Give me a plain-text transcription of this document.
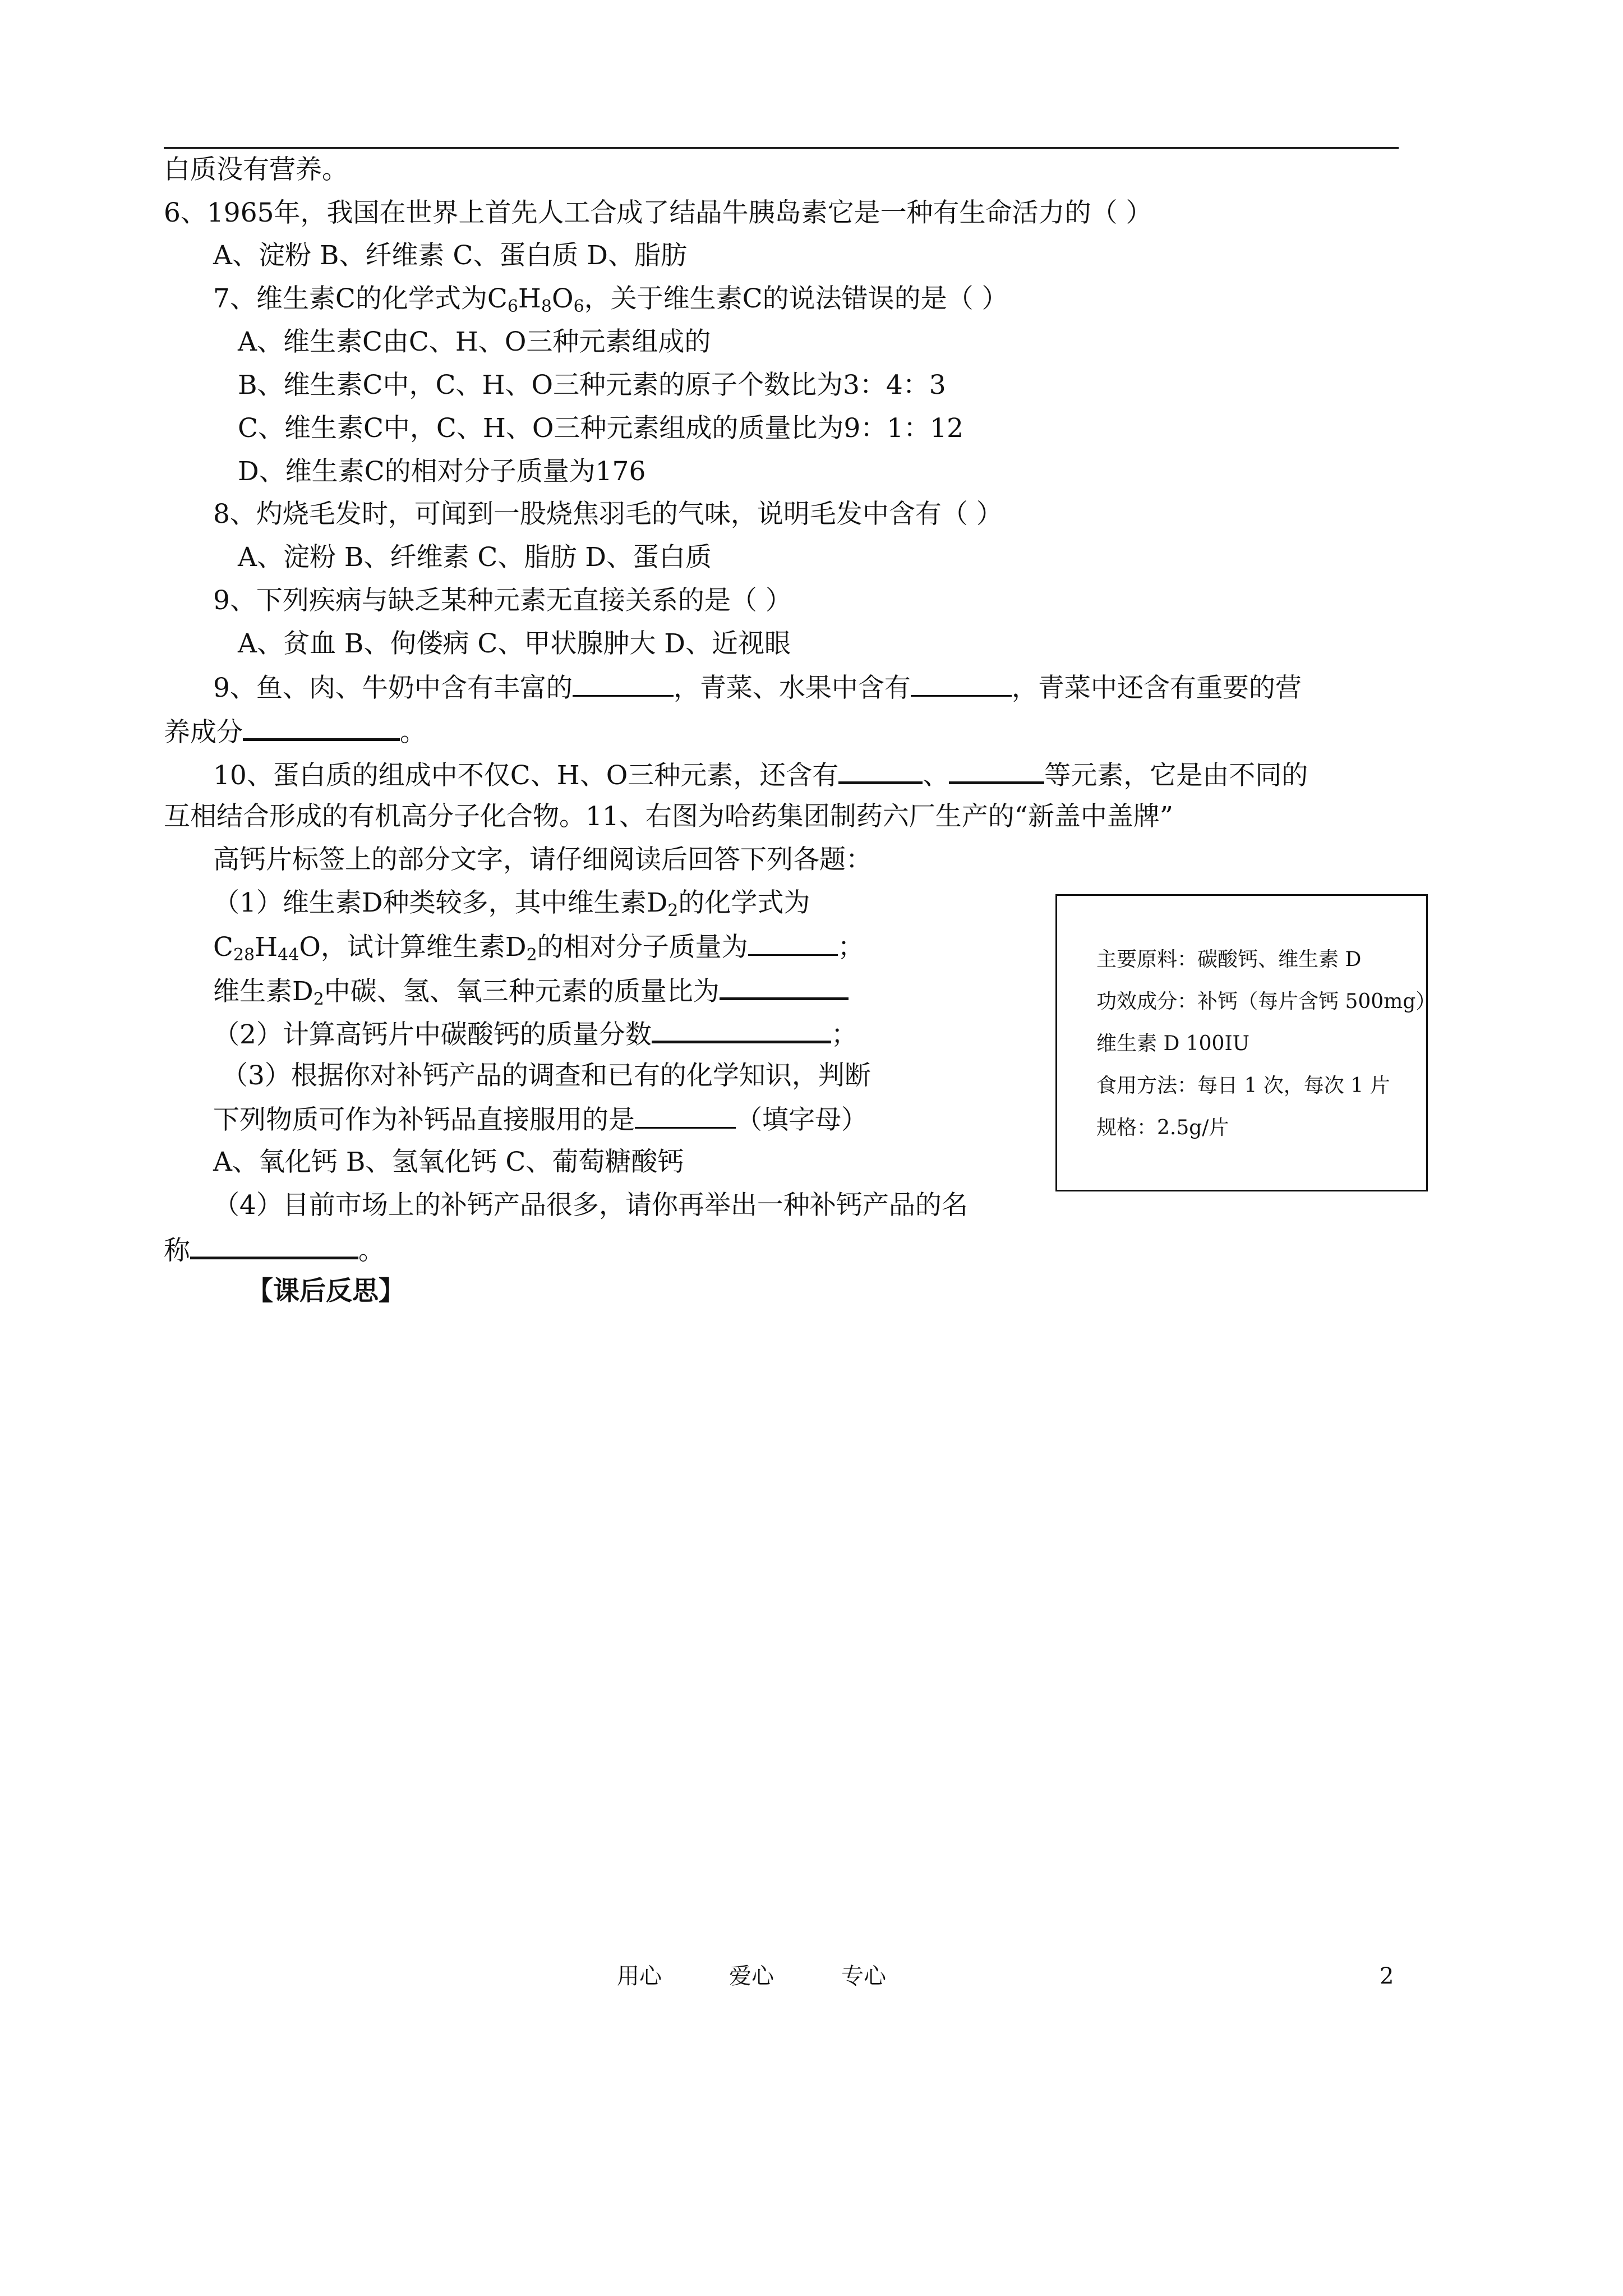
白质没有营养。
6、1965年，我国在世界上首先人工合成了结晶牛胰岛素它是一种有生命活力的（ ）
A、淀粉 B、纤维素 C、蛋白质 D、脂肪
7、维生素C的化学式为$C_6H_8O_6$，关于维生素C的说法错误的是（ ）
A、维生素C由C、H、O三种元素组成的
B、维生素C中，C、H、O三种元素的原子个数比为3：4：3
C、维生素C中，C、H、O三种元素组成的质量比为9：1：12
D、维生素C的相对分子质量为176
8、灼烧毛发时，可闻到一股烧焦羽毛的气味，说明毛发中含有（ ）
A、淀粉 B、纤维素 C、脂肪 D、蛋白质
9、下列疾病与缺乏某种元素无直接关系的是（ ）
A、贫血 B、佝偻病 C、甲状腺肿大 D、近视眼
9、鱼、肉、牛奶中含有丰富的	，青菜、水果中含有	，青菜中还含有重要的营
养成分	。
10、蛋白质的组成中不仅C、H、O三种元素，还含有	、	等元素，它是由不同的
互相结合形成的有机高分子化合物。11、右图为哈药集团制药六厂生产的“新盖中盖牌”
高钙片标签上的部分文字，请仔细阅读后回答下列各题：
（1）维生素D种类较多，其中维生素$D_2$的化学式为
$C_{28}H_{44}O$，试计算维生素$D_2$的相对分子质量为	；
维生素$D_2$中碳、氢、氧三种元素的质量比为
（2）计算高钙片中碳酸钙的质量分数	；
（3）根据你对补钙产品的调查和已有的化学知识，判断
下列物质可作为补钙品直接服用的是	（填字母）
A、氧化钙 B、氢氧化钙 C、葡萄糖酸钙
（4）目前市场上的补钙产品很多，请你再举出一种补钙产品的名
称	。
【课后反思】
主要原料：碳酸钙、维生素 D
功效成分：补钙（每片含钙 500mg）
维生素 D 100IU
食用方法：每日 1 次，每次 1 片
规格：2.5g/片
用心	爱心	专心	2
